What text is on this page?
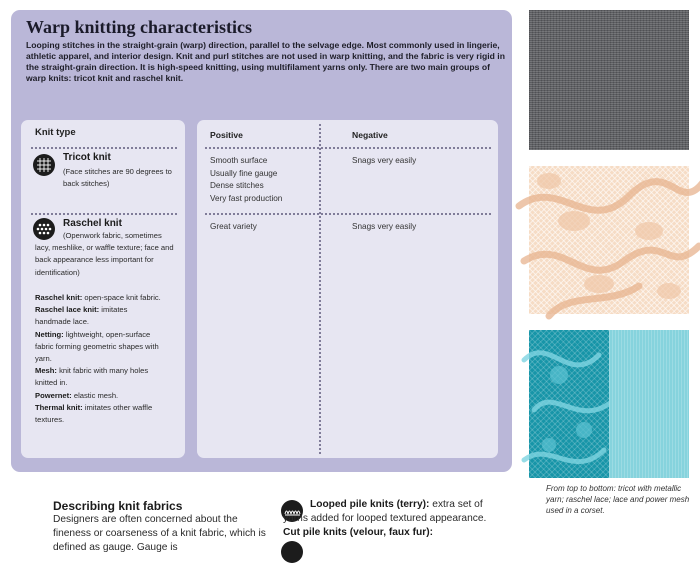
Warp knitting characteristics
Looping stitches in the straight-grain (warp) direction, parallel to the selvage edge. Most commonly used in lingerie, athletic apparel, and interior design. Knit and purl stitches are not used in warp knitting, and the fabric is very rigid in the straight-grain direction. It is high-speed knitting, using multifilament yarns only. There are two main groups of warp knits: tricot knit and raschel knit.
Knit type
Tricot knit
(Face stitches are 90 degrees to back stitches)
Raschel knit
(Openwork fabric, sometimes lacy, meshlike, or waffle texture; face and back appearance less important for identification)
Raschel knit: open-space knit fabric.
Raschel lace knit: imitates handmade lace.
Netting: lightweight, open-surface fabric forming geometric shapes with yarn.
Mesh: knit fabric with many holes knitted in.
Powernet: elastic mesh.
Thermal knit: imitates other waffle textures.
Positive	Negative
Smooth surface
Usually fine gauge
Dense stitches
Very fast production
Snags very easily
Great variety	Snags very easily
From top to bottom: tricot with metallic yarn; raschel lace; lace and power mesh used in a corset.
Describing knit fabrics
Designers are often concerned about the fineness or coarseness of a knit fabric, which is defined as gauge. Gauge is
Looped pile knits (terry): extra set of yarns added for looped textured appearance. Cut pile knits (velour, faux fur):
